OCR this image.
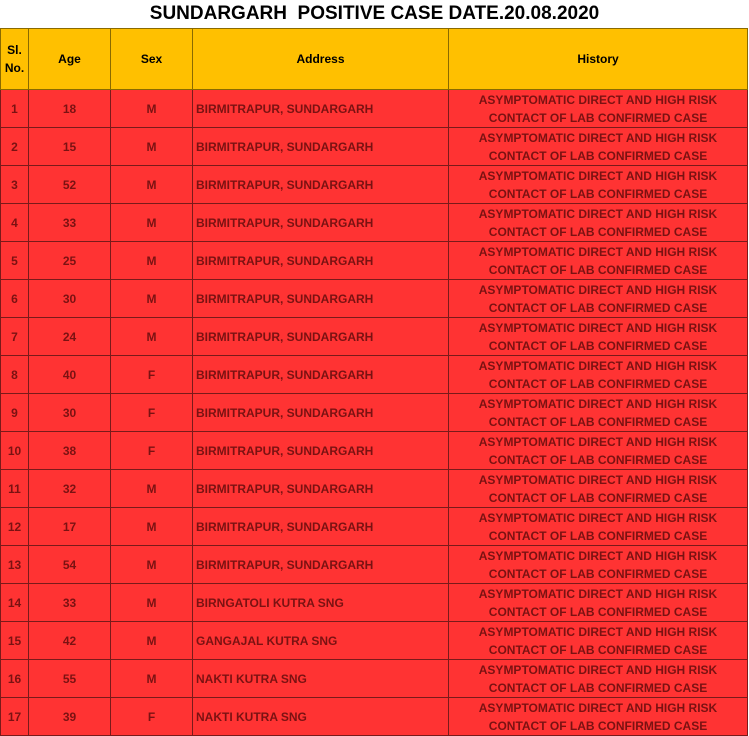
SUNDARGARH  POSITIVE CASE DATE.20.08.2020
Sl.
No.	Age	Sex	Address	History
1	18	M	BIRMITRAPUR, SUNDARGARH	ASYMPTOMATIC DIRECT AND HIGH RISK CONTACT OF LAB CONFIRMED CASE
2	15	M	BIRMITRAPUR, SUNDARGARH	ASYMPTOMATIC DIRECT AND HIGH RISK CONTACT OF LAB CONFIRMED CASE
3	52	M	BIRMITRAPUR, SUNDARGARH	ASYMPTOMATIC DIRECT AND HIGH RISK CONTACT OF LAB CONFIRMED CASE
4	33	M	BIRMITRAPUR, SUNDARGARH	ASYMPTOMATIC DIRECT AND HIGH RISK CONTACT OF LAB CONFIRMED CASE
5	25	M	BIRMITRAPUR, SUNDARGARH	ASYMPTOMATIC DIRECT AND HIGH RISK CONTACT OF LAB CONFIRMED CASE
6	30	M	BIRMITRAPUR, SUNDARGARH	ASYMPTOMATIC DIRECT AND HIGH RISK CONTACT OF LAB CONFIRMED CASE
7	24	M	BIRMITRAPUR, SUNDARGARH	ASYMPTOMATIC DIRECT AND HIGH RISK CONTACT OF LAB CONFIRMED CASE
8	40	F	BIRMITRAPUR, SUNDARGARH	ASYMPTOMATIC DIRECT AND HIGH RISK CONTACT OF LAB CONFIRMED CASE
9	30	F	BIRMITRAPUR, SUNDARGARH	ASYMPTOMATIC DIRECT AND HIGH RISK CONTACT OF LAB CONFIRMED CASE
10	38	F	BIRMITRAPUR, SUNDARGARH	ASYMPTOMATIC DIRECT AND HIGH RISK CONTACT OF LAB CONFIRMED CASE
11	32	M	BIRMITRAPUR, SUNDARGARH	ASYMPTOMATIC DIRECT AND HIGH RISK CONTACT OF LAB CONFIRMED CASE
12	17	M	BIRMITRAPUR, SUNDARGARH	ASYMPTOMATIC DIRECT AND HIGH RISK CONTACT OF LAB CONFIRMED CASE
13	54	M	BIRMITRAPUR, SUNDARGARH	ASYMPTOMATIC DIRECT AND HIGH RISK CONTACT OF LAB CONFIRMED CASE
14	33	M	BIRNGATOLI KUTRA SNG	ASYMPTOMATIC DIRECT AND HIGH RISK CONTACT OF LAB CONFIRMED CASE
15	42	M	GANGAJAL KUTRA SNG	ASYMPTOMATIC DIRECT AND HIGH RISK CONTACT OF LAB CONFIRMED CASE
16	55	M	NAKTI KUTRA SNG	ASYMPTOMATIC DIRECT AND HIGH RISK CONTACT OF LAB CONFIRMED CASE
17	39	F	NAKTI KUTRA SNG	ASYMPTOMATIC DIRECT AND HIGH RISK CONTACT OF LAB CONFIRMED CASE
